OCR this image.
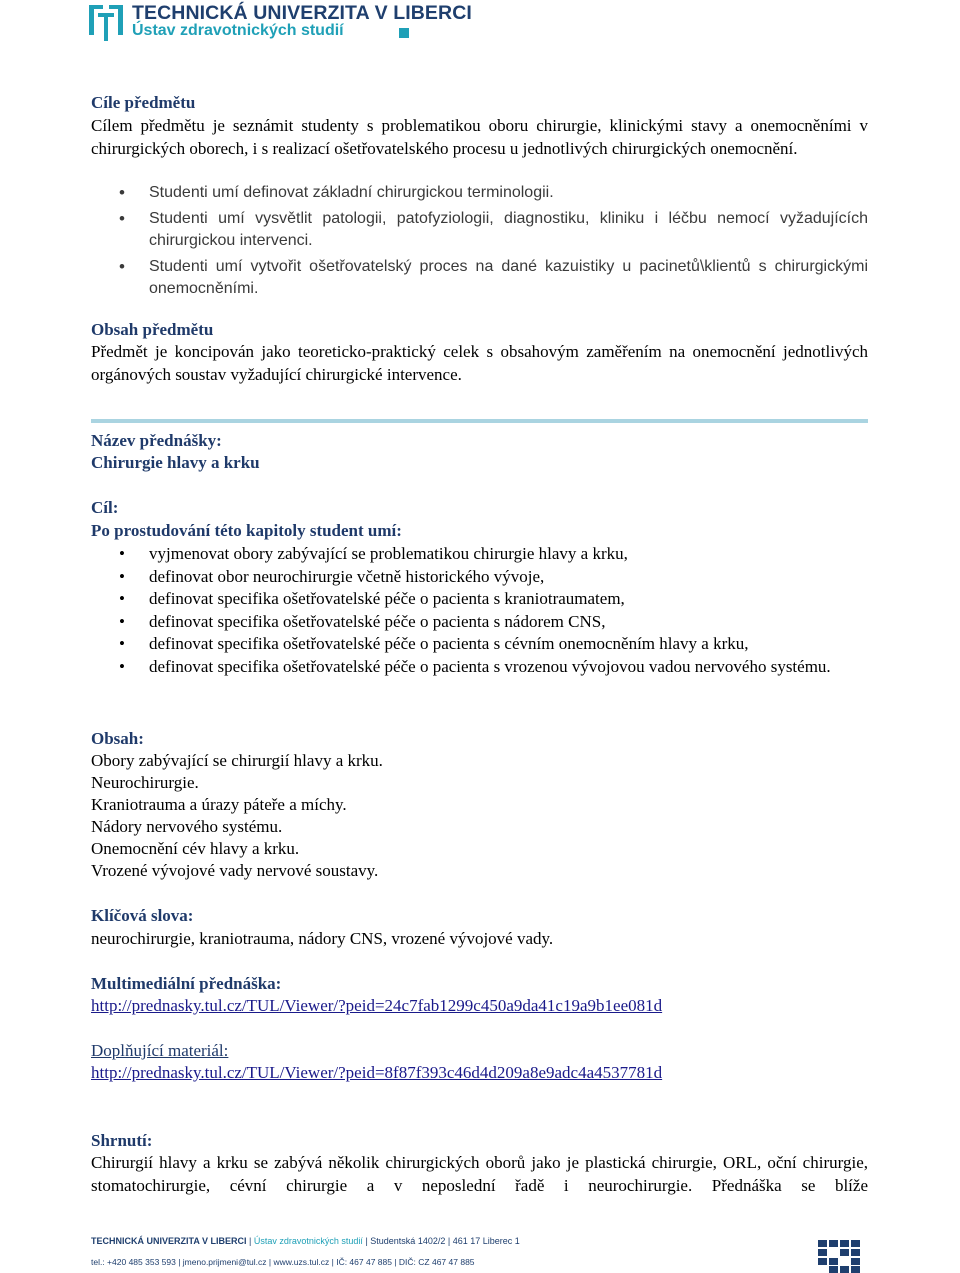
TECHNICKÁ UNIVERZITA V LIBERCI
Ústav zdravotnických studií
Cíle předmětu
Cílem předmětu je seznámit studenty s problematikou oboru chirurgie, klinickými stavy a onemocněními v chirurgických oborech, i s realizací ošetřovatelského procesu u jednotlivých chirurgických onemocnění.
• Studenti umí definovat základní chirurgickou terminologii.
• Studenti umí vysvětlit patologii, patofyziologii, diagnostiku, kliniku i léčbu nemocí vyžadujících chirurgickou intervenci.
• Studenti umí vytvořit ošetřovatelský proces na dané kazuistiky u pacinetů\klientů s chirurgickými onemocněními.
Obsah předmětu
Předmět je koncipován jako teoreticko-praktický celek s obsahovým zaměřením na onemocnění jednotlivých orgánových soustav vyžadující chirurgické intervence.
Název přednášky:
Chirurgie hlavy a krku
Cíl:
Po prostudování této kapitoly student umí:
• vyjmenovat obory zabývající se problematikou chirurgie hlavy a krku,
• definovat obor neurochirurgie včetně historického vývoje,
• definovat specifika ošetřovatelské péče o pacienta s kraniotraumatem,
• definovat specifika ošetřovatelské péče o pacienta s nádorem CNS,
• definovat specifika ošetřovatelské péče o pacienta s cévním onemocněním hlavy a krku,
• definovat specifika ošetřovatelské péče o pacienta s vrozenou vývojovou vadou nervového systému.
Obsah:
Obory zabývající se chirurgií hlavy a krku.
Neurochirurgie.
Kraniotrauma a úrazy páteře a míchy.
Nádory nervového systému.
Onemocnění cév hlavy a krku.
Vrozené vývojové vady nervové soustavy.
Klíčová slova:
neurochirurgie, kraniotrauma, nádory CNS, vrozené vývojové vady.
Multimediální přednáška:
http://prednasky.tul.cz/TUL/Viewer/?peid=24c7fab1299c450a9da41c19a9b1ee081d
Doplňující materiál:
http://prednasky.tul.cz/TUL/Viewer/?peid=8f87f393c46d4d209a8e9adc4a4537781d
Shrnutí:
Chirurgií hlavy a krku se zabývá několik chirurgických oborů jako je plastická chirurgie, ORL, oční chirurgie, stomatochirurgie, cévní chirurgie a v neposlední řadě i neurochirurgie. Přednáška se blíže
TECHNICKÁ UNIVERZITA V LIBERCI | Ústav zdravotnických studií | Studentská 1402/2 | 461 17 Liberec 1
tel.: +420 485 353 593 | jmeno.prijmeni@tul.cz | www.uzs.tul.cz | IČ: 467 47 885 | DIČ: CZ 467 47 885
